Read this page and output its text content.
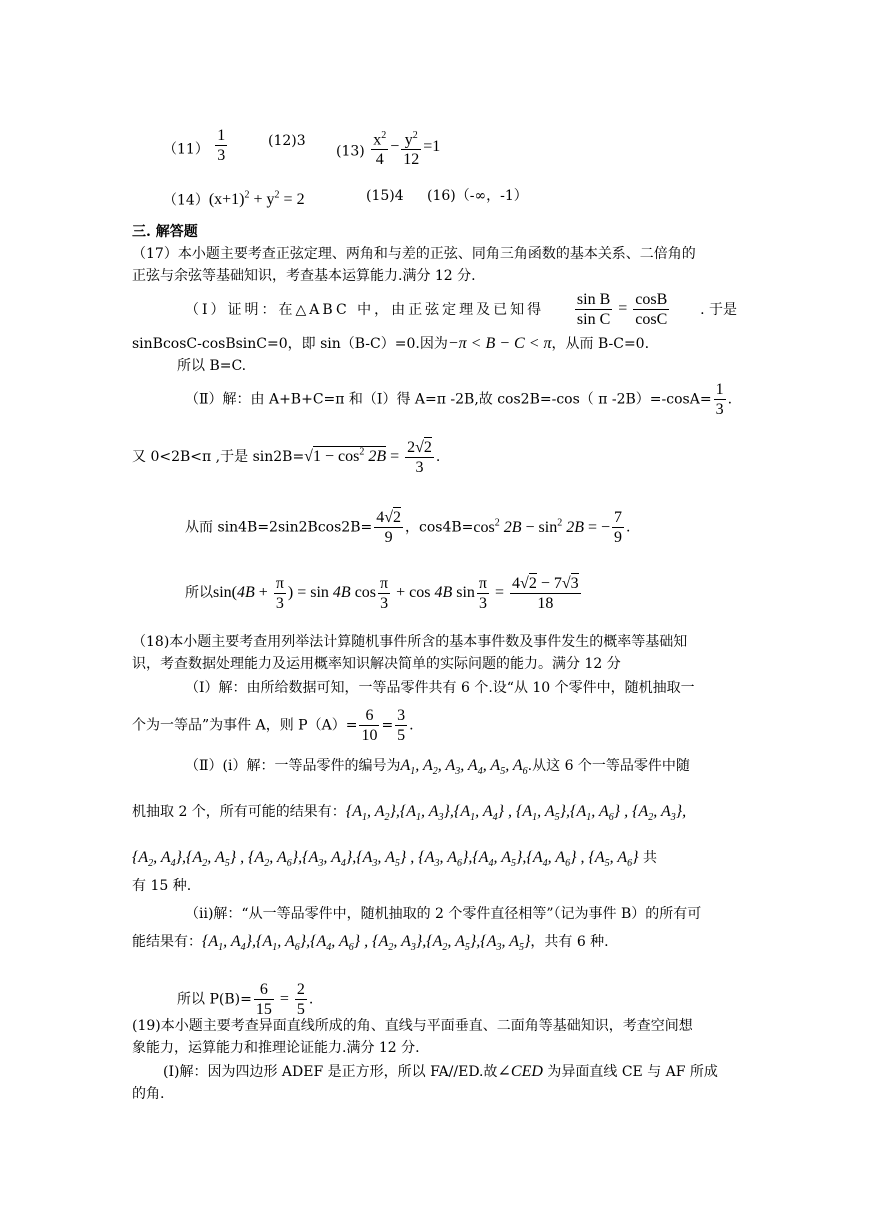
$(11) \frac{1}{3}$	(12)3
$(13) \frac{x^2}{4} - \frac{y^2}{12} =1$
$(14)(x+1)^2 + y^2 = 2$	(15)4 (16)（-∞，-1）
三. 解答题
（17）本小题主要考查正弦定理、两角和与差的正弦、同角三角函数的基本关系、二倍角的
正弦与余弦等基础知识，考查基本运算能力.满分 12 分.
（Ⅰ）证明：在△ABC 中，由正弦定理及已知得 $\frac{\text{sin B}}{\text{sin C}} = \frac{\cos B}{\cos C}$ . 于是
sinBcosC-cosBsinC=0，即 sin（B-C）=0.因为−π < B − C < π，从而 B-C=0.
所以 B=C.
（Ⅱ）解：由 A+B+C=π 和（Ⅰ）得 A=π -2B,故 cos2B=-cos（ π $-2B)=-\cos A= \frac{1}{3}$ .
又 0<2B<π ,于是 $\sin 2B=√1 - \cos^2 2B = \frac{2√2}{3}$ .
从而 $\sin 4B=2\sin 2Bcos2B= \frac{4√2}{9}$ ，$\cos 4B=\cos^2$ $2B - \sin^2 2B$ = − $\frac{7}{9}$ .
所以$\sin(4B + \frac{\pi}{3}$ ) = sin 4B $\cos \frac{\pi}{3} + \cos 4B$ $\sin \frac{\pi}{3} = \frac{4√2 - 7√3}{18}$
（18)本小题主要考查用列举法计算随机事件所含的基本事件数及事件发生的概率等基础知
识，考查数据处理能力及运用概率知识解决简单的实际问题的能力。满分 12 分
（Ⅰ）解：由所给数据可知，一等品零件共有 6 个.设“从 10 个零件中，随机抽取一
个为一等品”为事件 A，则 $P(A)= \frac{6}{10} = \frac{3}{5}$ .
（Ⅱ）(i）解：一等品零件的编号为$A_1$, $A_2$, $A_3$, $A_4$, $A_5$, $A_6$.从这 6 个一等品零件中随
机抽取 2 个，所有可能的结果有：{$A_1$, $A_2\},\{A_1$, $A_3\},\{A_1$, $A_4$} , {$A_1$, $A_5\},\{A_1$, $A_6$} , {$A_2$, $A_3$},
{$A_2$, $A_4\},\{A_2$, $A_5$} , {$A_2$, $A_6\},\{A_3$, $A_4\},\{A_3$, $A_5$} , {$A_3$, $A_6\},\{A_4$, $A_5\},\{A_4$, $A_6$} , {$A_5$, $A_6$} 共
有 15 种.
（ii)解：“从一等品零件中，随机抽取的 2 个零件直径相等”（记为事件 B）的所有可
能结果有：{$A_1$, $A_4\},\{A_1$, $A_6\},\{A_4$, $A_6$} , {$A_2$, $A_3\},\{A_2$, $A_5\},\{A_3$, $A_5$}，共有 6 种.
所以 $P(B)= \frac{6}{15} = \frac{2}{5}$ .
(19)本小题主要考查异面直线所成的角、直线与平面垂直、二面角等基础知识，考查空间想
象能力，运算能力和推理论证能力.满分 12 分.
(Ⅰ)解：因为四边形 ADEF 是正方形，所以 FA//ED.故∠CED 为异面直线 CE 与 AF 所成
的角.
